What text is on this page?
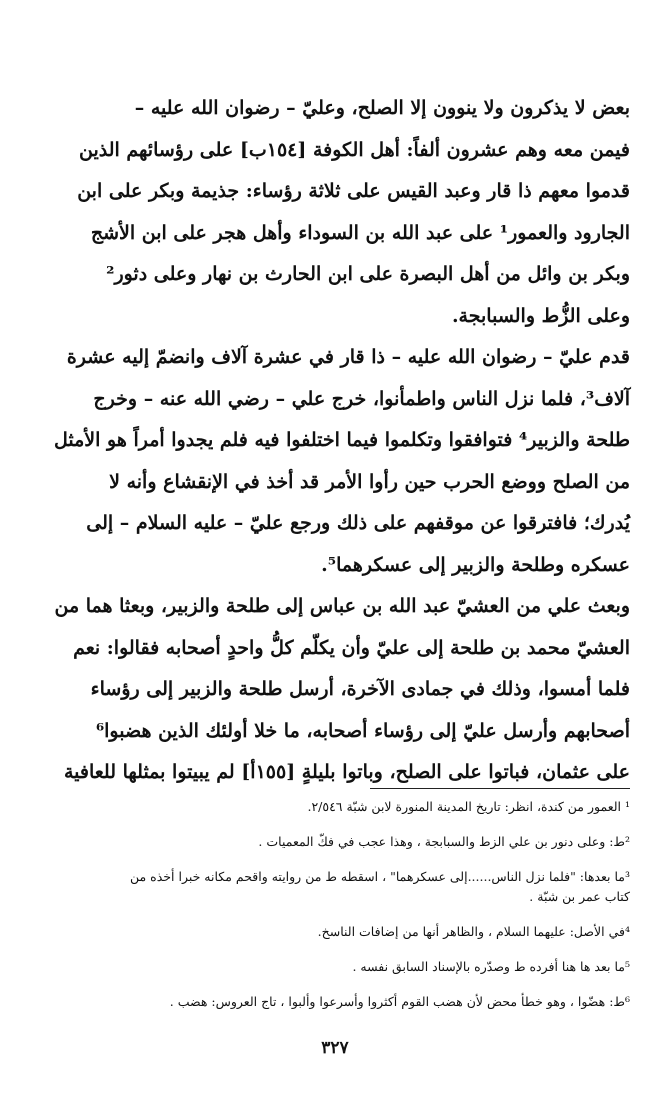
بعض لا يذكرون ولا ينوون إلا الصلح، وعليّ – رضوان الله عليه –
فيمن معه وهم عشرون ألفاً: أهل الكوفة [١٥٤ب] على رؤسائهم الذين
قدموا معهم ذا قار وعبد القيس على ثلاثة رؤساء: جذيمة وبكر على ابن
الجارود والعمور¹ على عبد الله بن السوداء وأهل هجر على ابن الأشج
وبكر بن وائل من أهل البصرة على ابن الحارث بن نهار وعلى دثور²
وعلى الزُّط والسبابجة.

قدم عليّ – رضوان الله عليه – ذا قار في عشرة آلاف وانضمّ إليه عشرة
آلاف³، فلما نزل الناس واطمأنوا، خرج علي – رضي الله عنه – وخرج
طلحة والزبير⁴ فتوافقوا وتكلموا فيما اختلفوا فيه فلم يجدوا أمراً هو الأمثل
من الصلح ووضع الحرب حين رأوا الأمر قد أخذ في الإنقشاع وأنه لا
يُدرك؛ فافترقوا عن موقفهم على ذلك ورجع عليّ – عليه السلام – إلى
عسكره وطلحة والزبير إلى عسكرهما⁵.

وبعث علي من العشيّ عبد الله بن عباس إلى طلحة والزبير، وبعثا هما من
العشيّ محمد بن طلحة إلى عليّ وأن يكلّم كلُّ واحدٍ أصحابه فقالوا: نعم
فلما أمسوا، وذلك في جمادى الآخرة، أرسل طلحة والزبير إلى رؤساء
أصحابهم وأرسل عليّ إلى رؤساء أصحابه، ما خلا أولئك الذين هضبوا⁶
على عثمان، فباتوا على الصلح، وباتوا بليلةٍ [١٥٥أ] لم يبيتوا بمثلها للعافية

¹ العمور من كندة، انظر: تاريخ المدينة المنورة لابن شبّة ٢/٥٤٦.

²ط: وعلى دنور بن علي الزط والسبابجة ، وهذا عجب في فكّ المعميات .

³ما بعدها: "فلما نزل الناس......إلى عسكرهما" ، اسقطه ط من روايته واقحم مكانه خبرا أخذه من
كتاب عمر بن شبّة .

⁴في الأصل: عليهما السلام ، والظاهر أنها من إضافات الناسخ.

⁵ما بعد ها هنا أفرده ط وصدّره بالإسناد السابق نفسه .

⁶ط: هضّوا ، وهو خطأ محض لأن هضب القوم أكثروا وأسرعوا وألبوا ، تاج العروس: هضب .

٣٢٧
